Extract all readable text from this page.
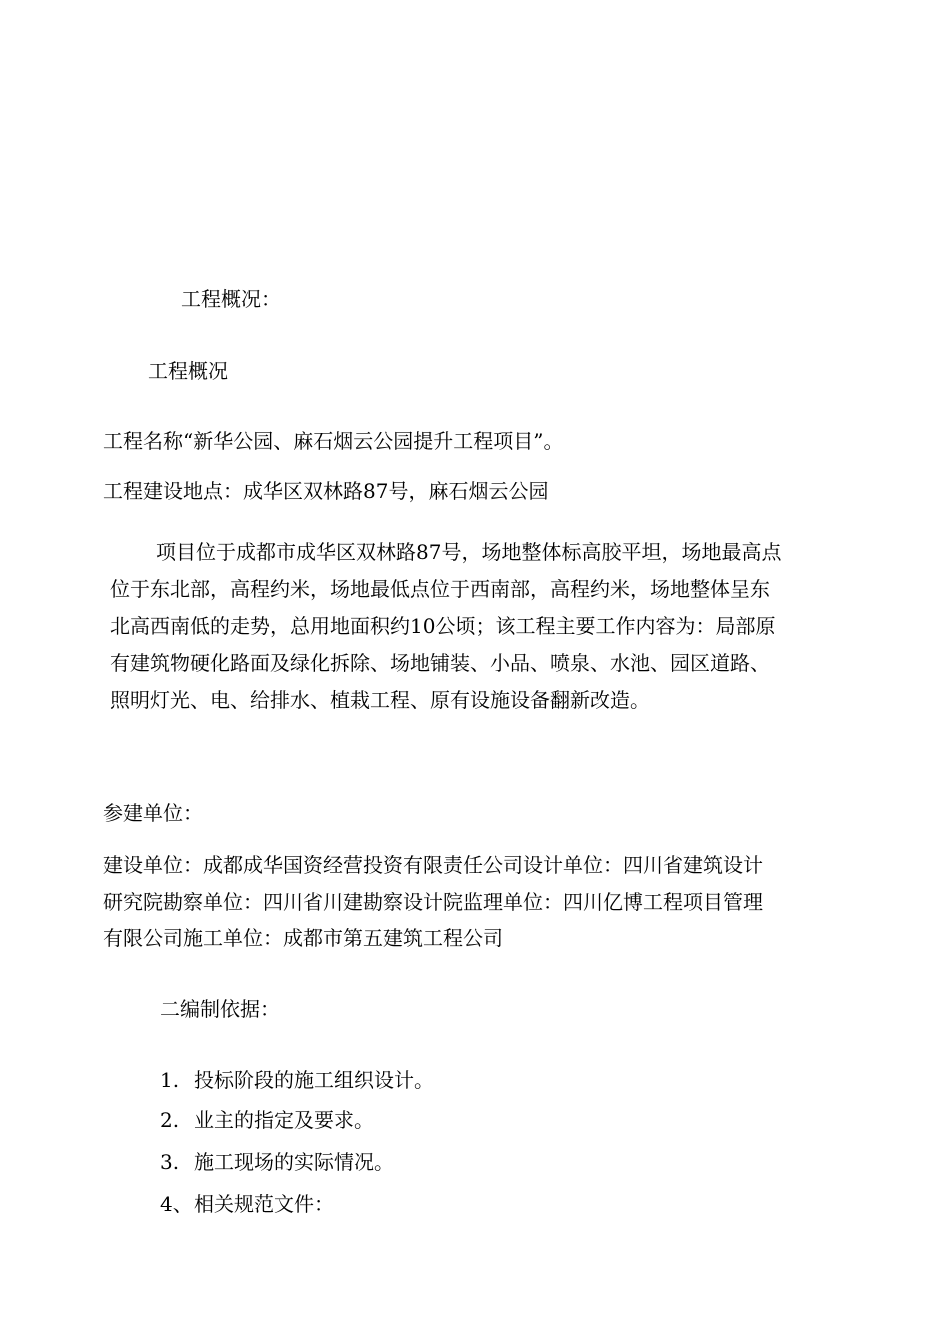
工程概况：
工程概况
工程名称“新华公园、麻石烟云公园提升工程项目”。
工程建设地点：成华区双林路87号，麻石烟云公园
项目位于成都市成华区双林路87号，场地整体标高胶平坦，场地最高点
位于东北部，高程约米，场地最低点位于西南部，高程约米，场地整体呈东
北高西南低的走势，总用地面积约10公顷；该工程主要工作内容为：局部原
有建筑物硬化路面及绿化拆除、场地铺装、小品、喷泉、水池、园区道路、
照明灯光、电、给排水、植栽工程、原有设施设备翻新改造。
参建单位：
建设单位：成都成华国资经营投资有限责任公司设计单位：四川省建筑设计
研究院勘察单位：四川省川建勘察设计院监理单位：四川亿博工程项目管理
有限公司施工单位：成都市第五建筑工程公司
二编制依据：
1. 投标阶段的施工组织设计。
2. 业主的指定及要求。
3. 施工现场的实际情况。
4、相关规范文件：
